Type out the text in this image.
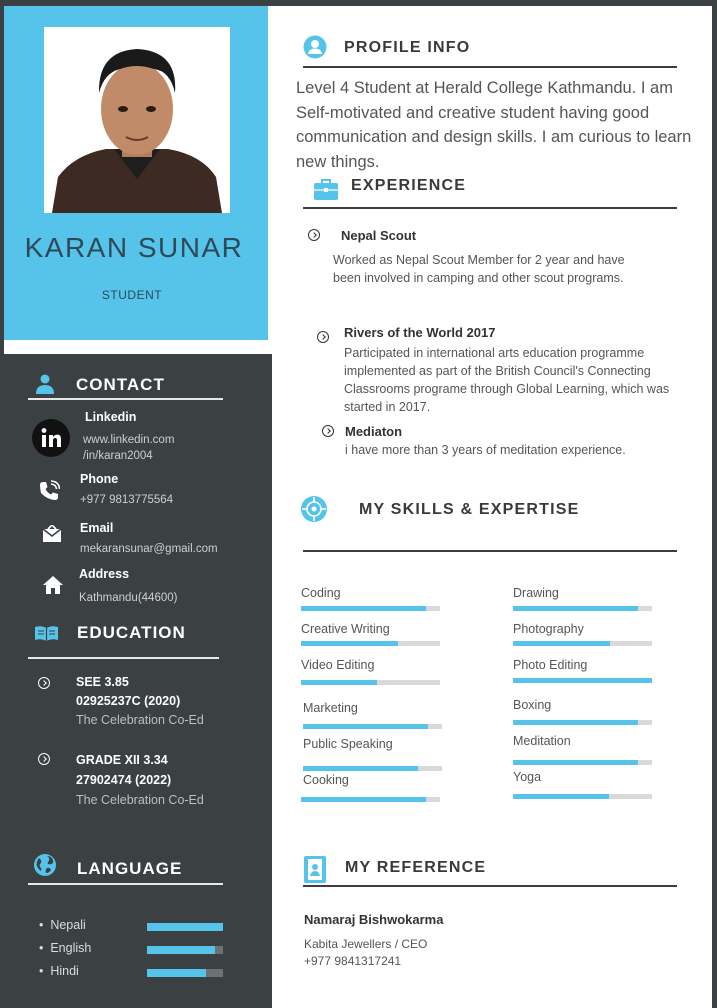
KARAN SUNAR
STUDENT
CONTACT
Linkedin
www.linkedin.com
/in/karan2004
Phone
+977 9813775564
Email
mekaransunar@gmail.com
Address
Kathmandu(44600)
EDUCATION
SEE 3.85
02925237C (2020)
The Celebration Co-Ed
GRADE XII 3.34
27902474 (2022)
The Celebration Co-Ed
LANGUAGE
•  Nepali
•  English
•  Hindi
PROFILE INFO
Level 4 Student at Herald College Kathmandu. I am Self-motivated and creative student having good communication and design skills. I am curious to learn new things.
EXPERIENCE
Nepal Scout
Worked as Nepal Scout Member for 2 year and have been involved in camping and other scout programs.
Rivers of the World 2017
Participated in international arts education programme implemented as part of the British Council's Connecting Classrooms programe through Global Learning, which was started in 2017.
Mediaton
i have more than 3 years of meditation experience.
MY SKILLS & EXPERTISE
Coding
Creative Writing
Video Editing
Marketing
Public Speaking
Cooking
Drawing
Photography
Photo Editing
Boxing
Meditation
Yoga
MY REFERENCE
Namaraj Bishwokarma
Kabita Jewellers / CEO
+977 9841317241
